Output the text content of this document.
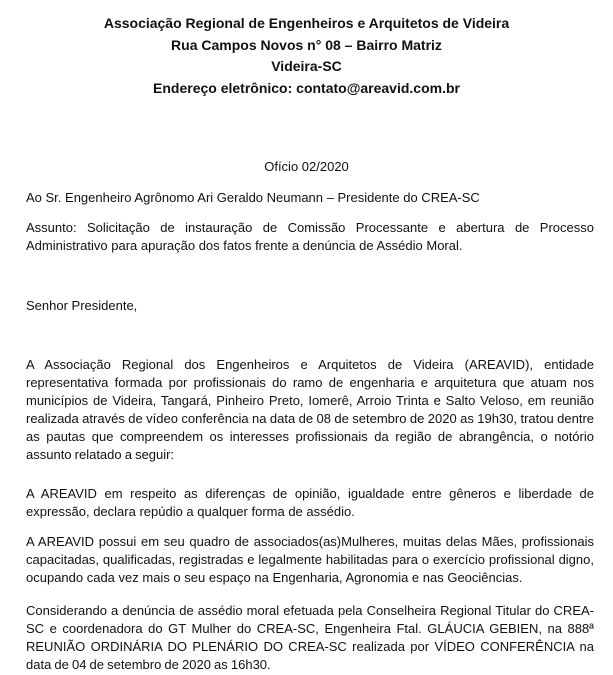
Associação Regional de Engenheiros e Arquitetos de Videira
Rua Campos Novos n° 08 – Bairro Matriz
Videira-SC
Endereço eletrônico: contato@areavid.com.br
Ofício 02/2020

Ao Sr. Engenheiro Agrônomo Ari Geraldo Neumann – Presidente do CREA-SC

Assunto: Solicitação de instauração de Comissão Processante e abertura de Processo Administrativo para apuração dos fatos frente a denúncia de Assédio Moral.

Senhor Presidente,

A Associação Regional dos Engenheiros e Arquitetos de Videira (AREAVID), entidade representativa formada por profissionais do ramo de engenharia e arquitetura que atuam nos municípios de Videira, Tangará, Pinheiro Preto, Iomerê, Arroio Trinta e Salto Veloso, em reunião realizada através de vídeo conferência na data de 08 de setembro de 2020 as 19h30, tratou dentre as pautas que compreendem os interesses profissionais da região de abrangência, o notório assunto relatado a seguir:

A AREAVID em respeito as diferenças de opinião, igualdade entre gêneros e liberdade de expressão, declara repúdio a qualquer forma de assédio.

A AREAVID possui em seu quadro de associados(as)Mulheres, muitas delas Mães, profissionais capacitadas, qualificadas, registradas e legalmente habilitadas para o exercício profissional digno, ocupando cada vez mais o seu espaço na Engenharia, Agronomia e nas Geociências.

Considerando a denúncia de assédio moral efetuada pela Conselheira Regional Titular do CREA-SC e coordenadora do GT Mulher do CREA-SC, Engenheira Ftal. GLÁUCIA GEBIEN, na 888ª REUNIÃO ORDINÁRIA DO PLENÁRIO DO CREA-SC realizada por VÍDEO CONFERÊNCIA na data de 04 de setembro de 2020 as 16h30.
